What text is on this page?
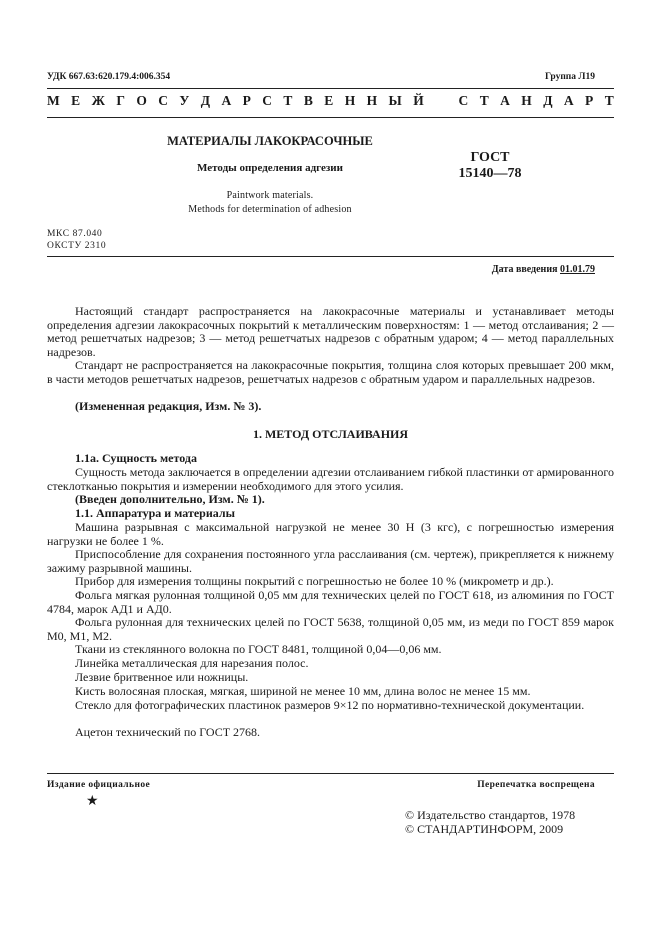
УДК 667.63:620.179.4:006.354	Группа Л19
М Е Ж Г О С У Д А Р С Т В Е Н Н Ы Й	С Т А Н Д А Р Т
МАТЕРИАЛЫ ЛАКОКРАСОЧНЫЕ
Методы определения адгезии
Paintwork materials.
Methods for determination of adhesion
ГОСТ
15140—78
МКС 87.040
ОКСТУ 2310
Дата введения 01.01.79

Настоящий стандарт распространяется на лакокрасочные материалы и устанавливает методы определения адгезии лакокрасочных покрытий к металлическим поверхностям: 1 — метод отслаивания; 2 — метод решетчатых надрезов; 3 — метод решетчатых надрезов с обратным ударом; 4 — метод параллельных надрезов.

Стандарт не распространяется на лакокрасочные покрытия, толщина слоя которых превышает 200 мкм, в части методов решетчатых надрезов, решетчатых надрезов с обратным ударом и параллельных надрезов.

(Измененная редакция, Изм. № 3).

1. МЕТОД ОТСЛАИВАНИЯ

1.1а. Сущность метода

Сущность метода заключается в определении адгезии отслаиванием гибкой пластинки от армированного стеклотканью покрытия и измерении необходимого для этого усилия.

(Введен дополнительно, Изм. № 1).

1.1. Аппаратура и материалы

Машина разрывная с максимальной нагрузкой не менее 30 Н (3 кгс), с погрешностью измерения нагрузки не более 1 %.

Приспособление для сохранения постоянного угла расслаивания (см. чертеж), прикрепляется к нижнему зажиму разрывной машины.

Прибор для измерения толщины покрытий с погрешностью не более 10 % (микрометр и др.).

Фольга мягкая рулонная толщиной 0,05 мм для технических целей по ГОСТ 618, из алюминия по ГОСТ 4784, марок АД1 и АД0.

Фольга рулонная для технических целей по ГОСТ 5638, толщиной 0,05 мм, из меди по ГОСТ 859 марок М0, М1, М2.

Ткани из стеклянного волокна по ГОСТ 8481, толщиной 0,04—0,06 мм.

Линейка металлическая для нарезания полос.

Лезвие бритвенное или ножницы.

Кисть волосяная плоская, мягкая, шириной не менее 10 мм, длина волос не менее 15 мм.

Стекло для фотографических пластинок размеров 9×12 по нормативно-технической документации.

Ацетон технический по ГОСТ 2768.

Издание официальное	Перепечатка воспрещена
★
© Издательство стандартов, 1978
© СТАНДАРТИНФОРМ, 2009
